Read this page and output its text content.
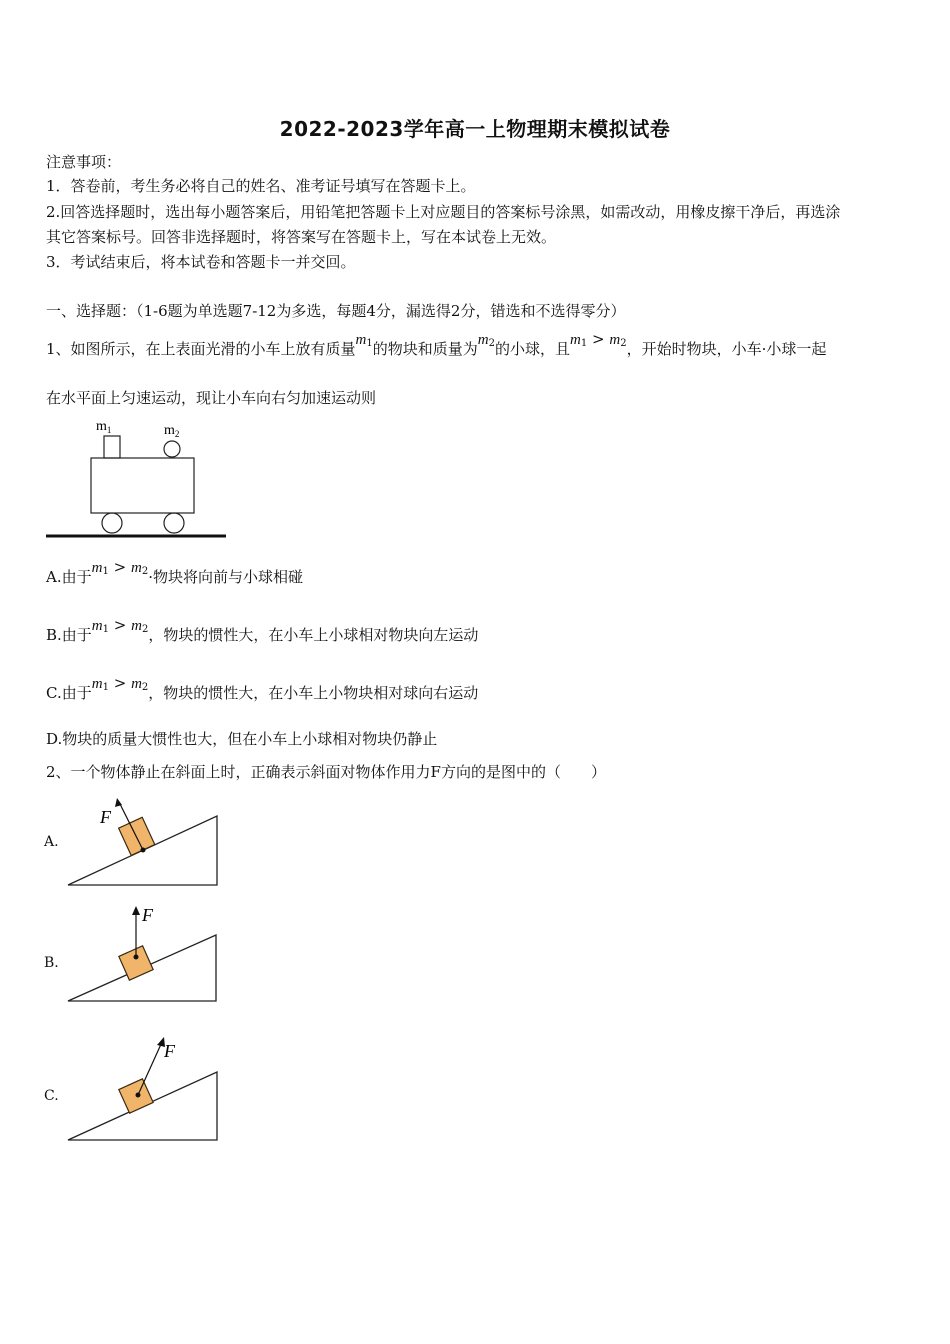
2022-2023学年高一上物理期末模拟试卷
注意事项：
1．答卷前，考生务必将自己的姓名、准考证号填写在答题卡上。
2.回答选择题时，选出每小题答案后，用铅笔把答题卡上对应题目的答案标号涂黑，如需改动，用橡皮擦干净后，再选涂
其它答案标号。回答非选择题时，将答案写在答题卡上，写在本试卷上无效。
3．考试结束后，将本试卷和答题卡一并交回。
一、选择题：（1-6题为单选题7-12为多选，每题4分，漏选得2分，错选和不选得零分）
1、如图所示，在上表面光滑的小车上放有质量m1的物块和质量为m2的小球，且m1 > m2，开始时物块，小车·小球一起
在水平面上匀速运动，现让小车向右匀加速运动则
$m_1$	$m_2$
A.由于m1 > m2·物块将向前与小球相碰
B.由于m1 > m2，物块的惯性大，在小车上小球相对物块向左运动
C.由于m1 > m2，物块的惯性大，在小车上小物块相对球向右运动
D.物块的质量大惯性也大，但在小车上小球相对物块仍静止
2、一个物体静止在斜面上时，正确表示斜面对物体作用力F方向的是图中的（　　）
A.
F
B.
F
C.
F
